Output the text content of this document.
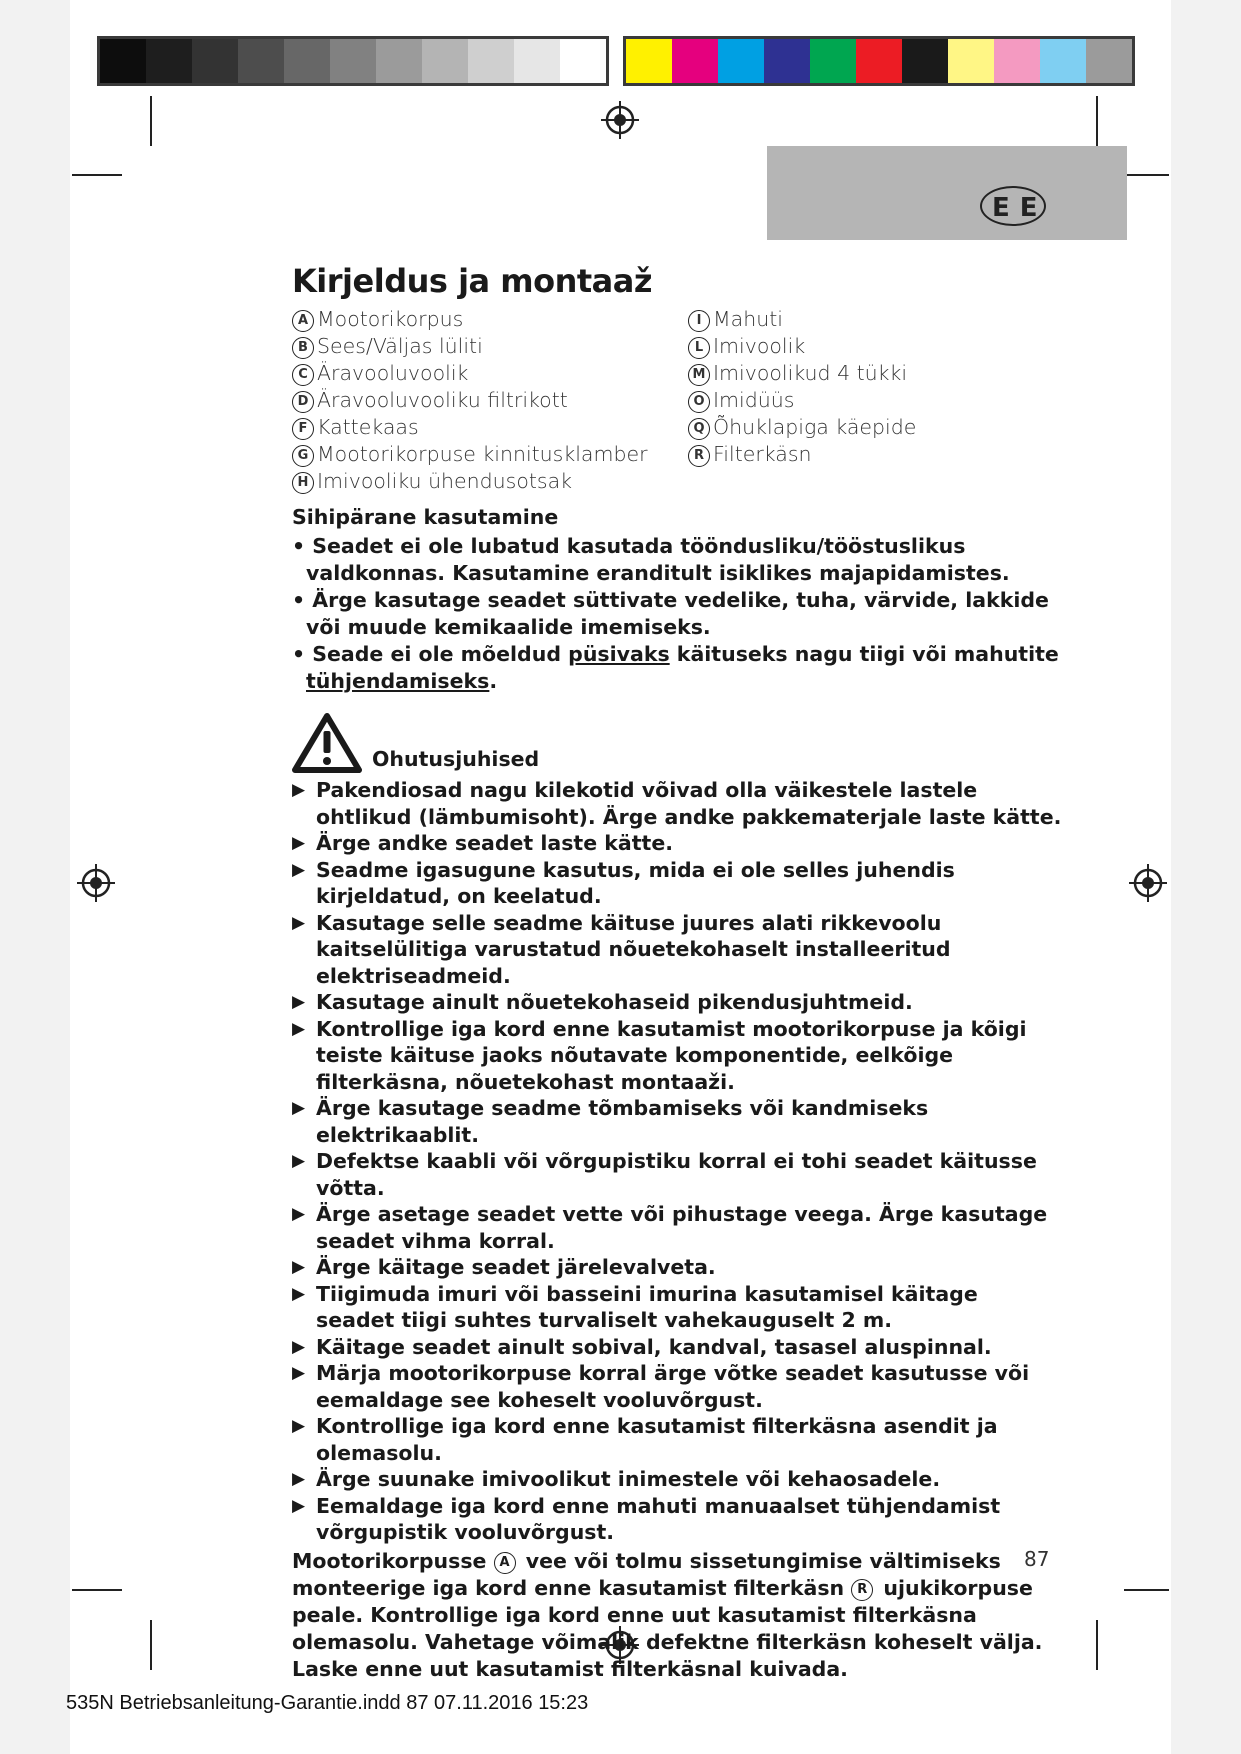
EE
Kirjeldus ja montaaž
A Mootorikorpus
B Sees/Väljas lüliti
C Äravooluvoolik
D Äravooluvooliku filtrikott
F Kattekaas
G Mootorikorpuse kinnitusklamber
H Imivooliku ühendusotsak
I Mahuti
L Imivoolik
M Imivoolikud 4 tükki
O Imidüüs
Q Õhuklapiga käepide
R Filterkäsn
Sihipärane kasutamine
• Seadet ei ole lubatud kasutada tööndusliku/tööstuslikus valdkonnas. Kasutamine eranditult isiklikes majapidamistes.
• Ärge kasutage seadet süttivate vedelike, tuha, värvide, lakkide või muude kemikaalide imemiseks.
• Seade ei ole mõeldud püsivaks käituseks nagu tiigi või mahutite tühjendamiseks.
Ohutusjuhised
▶ Pakendiosad nagu kilekotid võivad olla väikestele lastele ohtlikud (lämbumisoht). Ärge andke pakkematerjale laste kätte.
▶ Ärge andke seadet laste kätte.
▶ Seadme igasugune kasutus, mida ei ole selles juhendis kirjeldatud, on keelatud.
▶ Kasutage selle seadme käituse juures alati rikkevoolu kaitselülitiga varustatud nõuetekohaselt installeeritud elektriseadmeid.
▶ Kasutage ainult nõuetekohaseid pikendusjuhtmeid.
▶ Kontrollige iga kord enne kasutamist mootorikorpuse ja kõigi teiste käituse jaoks nõutavate komponentide, eelkõige filterkäsna, nõuetekohast montaaži.
▶ Ärge kasutage seadme tõmbamiseks või kandmiseks elektrikaablit.
▶ Defektse kaabli või võrgupistiku korral ei tohi seadet käitusse võtta.
▶ Ärge asetage seadet vette või pihustage veega. Ärge kasutage seadet vihma korral.
▶ Ärge käitage seadet järelevalveta.
▶ Tiigimuda imuri või basseini imurina kasutamisel käitage seadet tiigi suhtes turvaliselt vahekauguselt 2 m.
▶ Käitage seadet ainult sobival, kandval, tasasel aluspinnal.
▶ Märja mootorikorpuse korral ärge võtke seadet kasutusse või eemaldage see koheselt vooluvõrgust.
▶ Kontrollige iga kord enne kasutamist filterkäsna asendit ja olemasolu.
▶ Ärge suunake imivoolikut inimestele või kehaosadele.
▶ Eemaldage iga kord enne mahuti manuaalset tühjendamist võrgupistik vooluvõrgust.
Mootorikorpusse A vee või tolmu sissetungimise vältimiseks monteerige iga kord enne kasutamist filterkäsn R ujukikorpuse peale. Kontrollige iga kord enne uut kasutamist filterkäsna olemasolu. Vahetage võimalik defektne filterkäsn koheselt välja. Laske enne uut kasutamist filterkäsnal kuivada.
87
535N Betriebsanleitung-Garantie.indd 87 07.11.2016 15:23
